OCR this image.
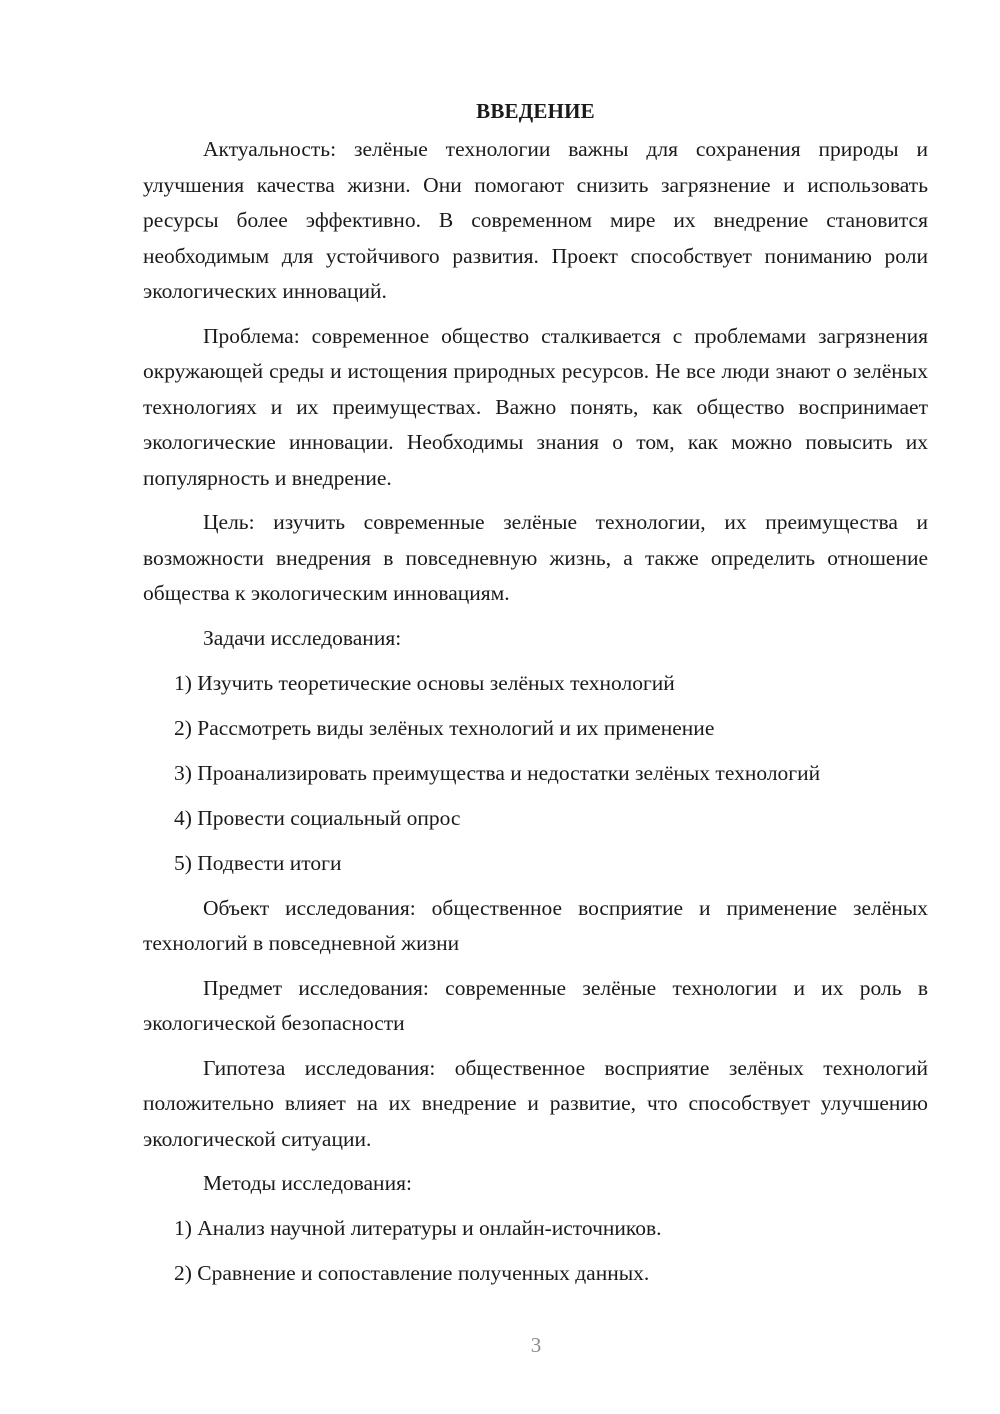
ВВЕДЕНИЕ

Актуальность: зелёные технологии важны для сохранения природы и улучшения качества жизни. Они помогают снизить загрязнение и использовать ресурсы более эффективно. В современном мире их внедрение становится необходимым для устойчивого развития. Проект способствует пониманию роли экологических инноваций.

Проблема: современное общество сталкивается с проблемами загрязнения окружающей среды и истощения природных ресурсов. Не все люди знают о зелёных технологиях и их преимуществах. Важно понять, как общество воспринимает экологические инновации. Необходимы знания о том, как можно повысить их популярность и внедрение.

Цель: изучить современные зелёные технологии, их преимущества и возможности внедрения в повседневную жизнь, а также определить отношение общества к экологическим инновациям.

Задачи исследования:

1) Изучить теоретические основы зелёных технологий

2) Рассмотреть виды зелёных технологий и их применение

3) Проанализировать преимущества и недостатки зелёных технологий

4) Провести социальный опрос

5) Подвести итоги

Объект исследования: общественное восприятие и применение зелёных технологий в повседневной жизни

Предмет исследования: современные зелёные технологии и их роль в экологической безопасности

Гипотеза исследования: общественное восприятие зелёных технологий положительно влияет на их внедрение и развитие, что способствует улучшению экологической ситуации.

Методы исследования:

1) Анализ научной литературы и онлайн-источников.

2) Сравнение и сопоставление полученных данных.

3
